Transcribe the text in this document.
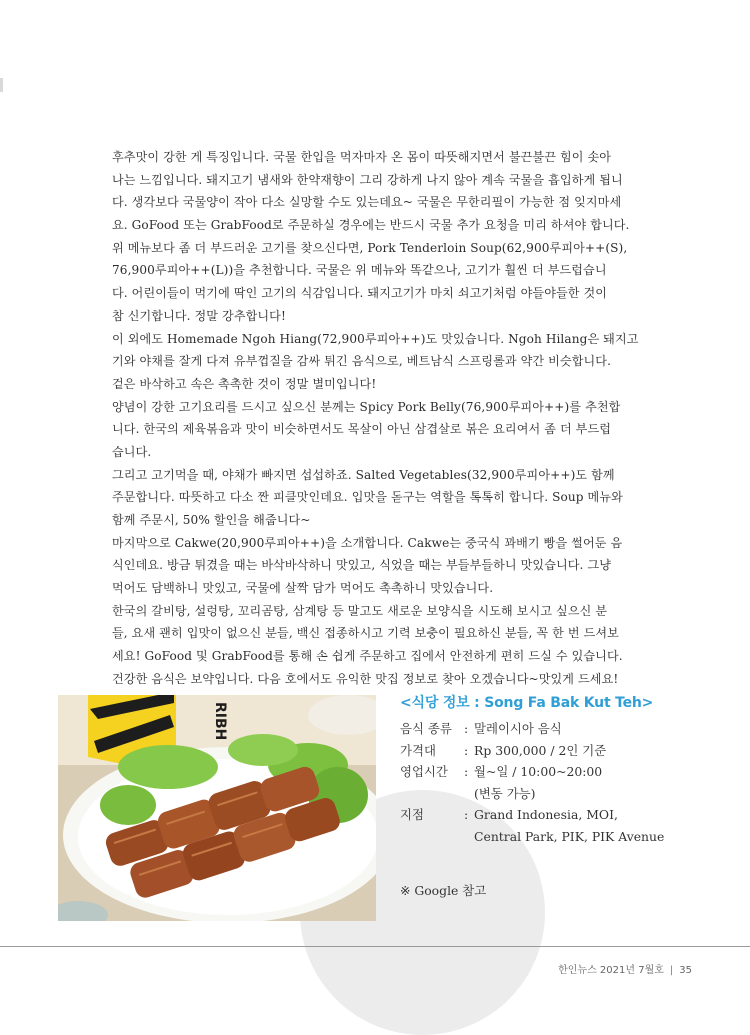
후추맛이 강한 게 특징입니다. 국물 한입을 먹자마자 온 몸이 따뜻해지면서 불끈불끈 힘이 솟아
나는 느낌입니다. 돼지고기 냄새와 한약재향이 그리 강하게 나지 않아 계속 국물을 흡입하게 됩니
다. 생각보다 국물양이 작아 다소 실망할 수도 있는데요~ 국물은 무한리필이 가능한 점 잊지마세
요. GoFood 또는 GrabFood로 주문하실 경우에는 반드시 국물 추가 요청을 미리 하셔야 합니다.
위 메뉴보다 좀 더 부드러운 고기를 찾으신다면, Pork Tenderloin Soup(62,900루피아++(S),
76,900루피아++(L))을 추천합니다. 국물은 위 메뉴와 똑같으나, 고기가 훨씬 더 부드럽습니
다. 어린이들이 먹기에 딱인 고기의 식감입니다. 돼지고기가 마치 쇠고기처럼 야들야들한 것이
참 신기합니다. 정말 강추합니다!
이 외에도 Homemade Ngoh Hiang(72,900루피아++)도 맛있습니다. Ngoh Hilang은 돼지고
기와 야채를 잘게 다져 유부껍질을 감싸 튀긴 음식으로, 베트남식 스프링롤과 약간 비슷합니다.
겉은 바삭하고 속은 촉촉한 것이 정말 별미입니다!
양념이 강한 고기요리를 드시고 싶으신 분께는 Spicy Pork Belly(76,900루피아++)를 추천합
니다. 한국의 제육볶음과 맛이 비슷하면서도 목살이 아닌 삼겹살로 볶은 요리여서 좀 더 부드럽
습니다.
그리고 고기먹을 때, 야채가 빠지면 섭섭하죠. Salted Vegetables(32,900루피아++)도 함께
주문합니다. 따뜻하고 다소 짠 피클맛인데요. 입맛을 돋구는 역할을 톡톡히 합니다. Soup 메뉴와
함께 주문시, 50% 할인을 해줍니다~
마지막으로 Cakwe(20,900루피아++)을 소개합니다. Cakwe는 중국식 꽈배기 빵을 썰어둔 음
식인데요. 방금 튀겼을 때는 바삭바삭하니 맛있고, 식었을 때는 부들부들하니 맛있습니다. 그냥
먹어도 담백하니 맛있고, 국물에 살짝 담가 먹어도 촉촉하니 맛있습니다.
한국의 갈비탕, 설렁탕, 꼬리곰탕, 삼계탕 등 말고도 새로운 보양식을 시도해 보시고 싶으신 분
들, 요새 괜히 입맛이 없으신 분들, 백신 접종하시고 기력 보충이 필요하신 분들, 꼭 한 번 드셔보
세요! GoFood 및 GrabFood를 통해 손 쉽게 주문하고 집에서 안전하게 편히 드실 수 있습니다.
건강한 음식은 보약입니다. 다음 호에서도 유익한 맛집 정보로 찾아 오겠습니다~맛있게 드세요!
RIBH	<식당 정보 : Song Fa Bak Kut Teh>
음식 종류 : 말레이시아 음식
가격대	: Rp 300,000 / 2인 기준
영업시간	: 월~일 / 10:00~20:00
(변동 가능)
지점	: Grand Indonesia, MOI,
Central Park, PIK, PIK Avenue
※ Google 참고
한인뉴스 2021년 7월호 | 35
